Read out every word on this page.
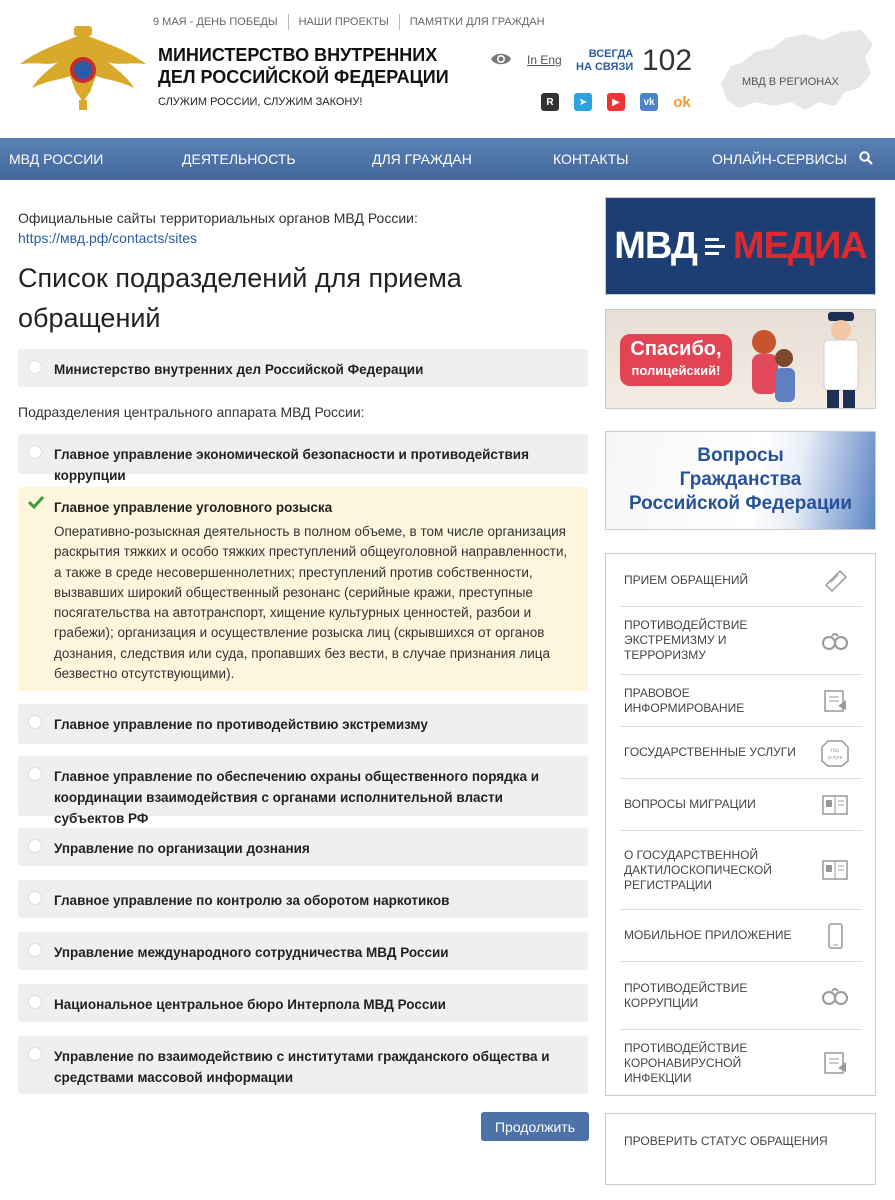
9 МАЯ - ДЕНЬ ПОБЕДЫ НАШИ ПРОЕКТЫ ПАМЯТКИ ДЛЯ ГРАЖДАН
МИНИСТЕРСТВО ВНУТРЕННИХ ДЕЛ РОССИЙСКОЙ ФЕДЕРАЦИИ
СЛУЖИМ РОССИИ, СЛУЖИМ ЗАКОНУ!
In Eng	ВСЕГДА
НА СВЯЗИ 102
R	➤	▶	vk ok
МВД В РЕГИОНАХ
МВД РОССИИ	ДЕЯТЕЛЬНОСТЬ	ДЛЯ ГРАЖДАН	КОНТАКТЫ	ОНЛАЙН-СЕРВИСЫ
Официальные сайты территориальных органов МВД России:
https://мвд.рф/contacts/sites
Список подразделений для приема обращений
Министерство внутренних дел Российской Федерации
Подразделения центрального аппарата МВД России:
Главное управление экономической безопасности и противодействия коррупции
Главное управление уголовного розыска
Оперативно-розыскная деятельность в полном объеме, в том числе организация раскрытия тяжких и особо тяжких преступлений общеуголовной направленности, а также в среде несовершеннолетних; преступлений против собственности, вызвавших широкий общественный резонанс (серийные кражи, преступные посягательства на автотранспорт, хищение культурных ценностей, разбои и грабежи); организация и осуществление розыска лиц (скрывшихся от органов дознания, следствия или суда, пропавших без вести, в случае признания лица безвестно отсутствующими).
Главное управление по противодействию экстремизму
Главное управление по обеспечению охраны общественного порядка и координации взаимодействия с органами исполнительной власти субъектов РФ
Управление по организации дознания
Главное управление по контролю за оборотом наркотиков
Управление международного сотрудничества МВД России
Национальное центральное бюро Интерпола МВД России
Управление по взаимодействию с институтами гражданского общества и средствами массовой информации
Продолжить
МВД МЕДИА
Спасибо,
полицейский!
Вопросы
Гражданства
Российской Федерации
ПРИЕМ ОБРАЩЕНИЙ
ПРОТИВОДЕЙСТВИЕ ЭКСТРЕМИЗМУ И ТЕРРОРИЗМУ
ПРАВОВОЕ ИНФОРМИРОВАНИЕ
ГОСУДАРСТВЕННЫЕ УСЛУГИ	гос
услуги
ВОПРОСЫ МИГРАЦИИ
О ГОСУДАРСТВЕННОЙ ДАКТИЛОСКОПИЧЕСКОЙ РЕГИСТРАЦИИ
МОБИЛЬНОЕ ПРИЛОЖЕНИЕ
ПРОТИВОДЕЙСТВИЕ КОРРУПЦИИ
ПРОТИВОДЕЙСТВИЕ КОРОНАВИРУСНОЙ ИНФЕКЦИИ
ПРОВЕРИТЬ СТАТУС ОБРАЩЕНИЯ
